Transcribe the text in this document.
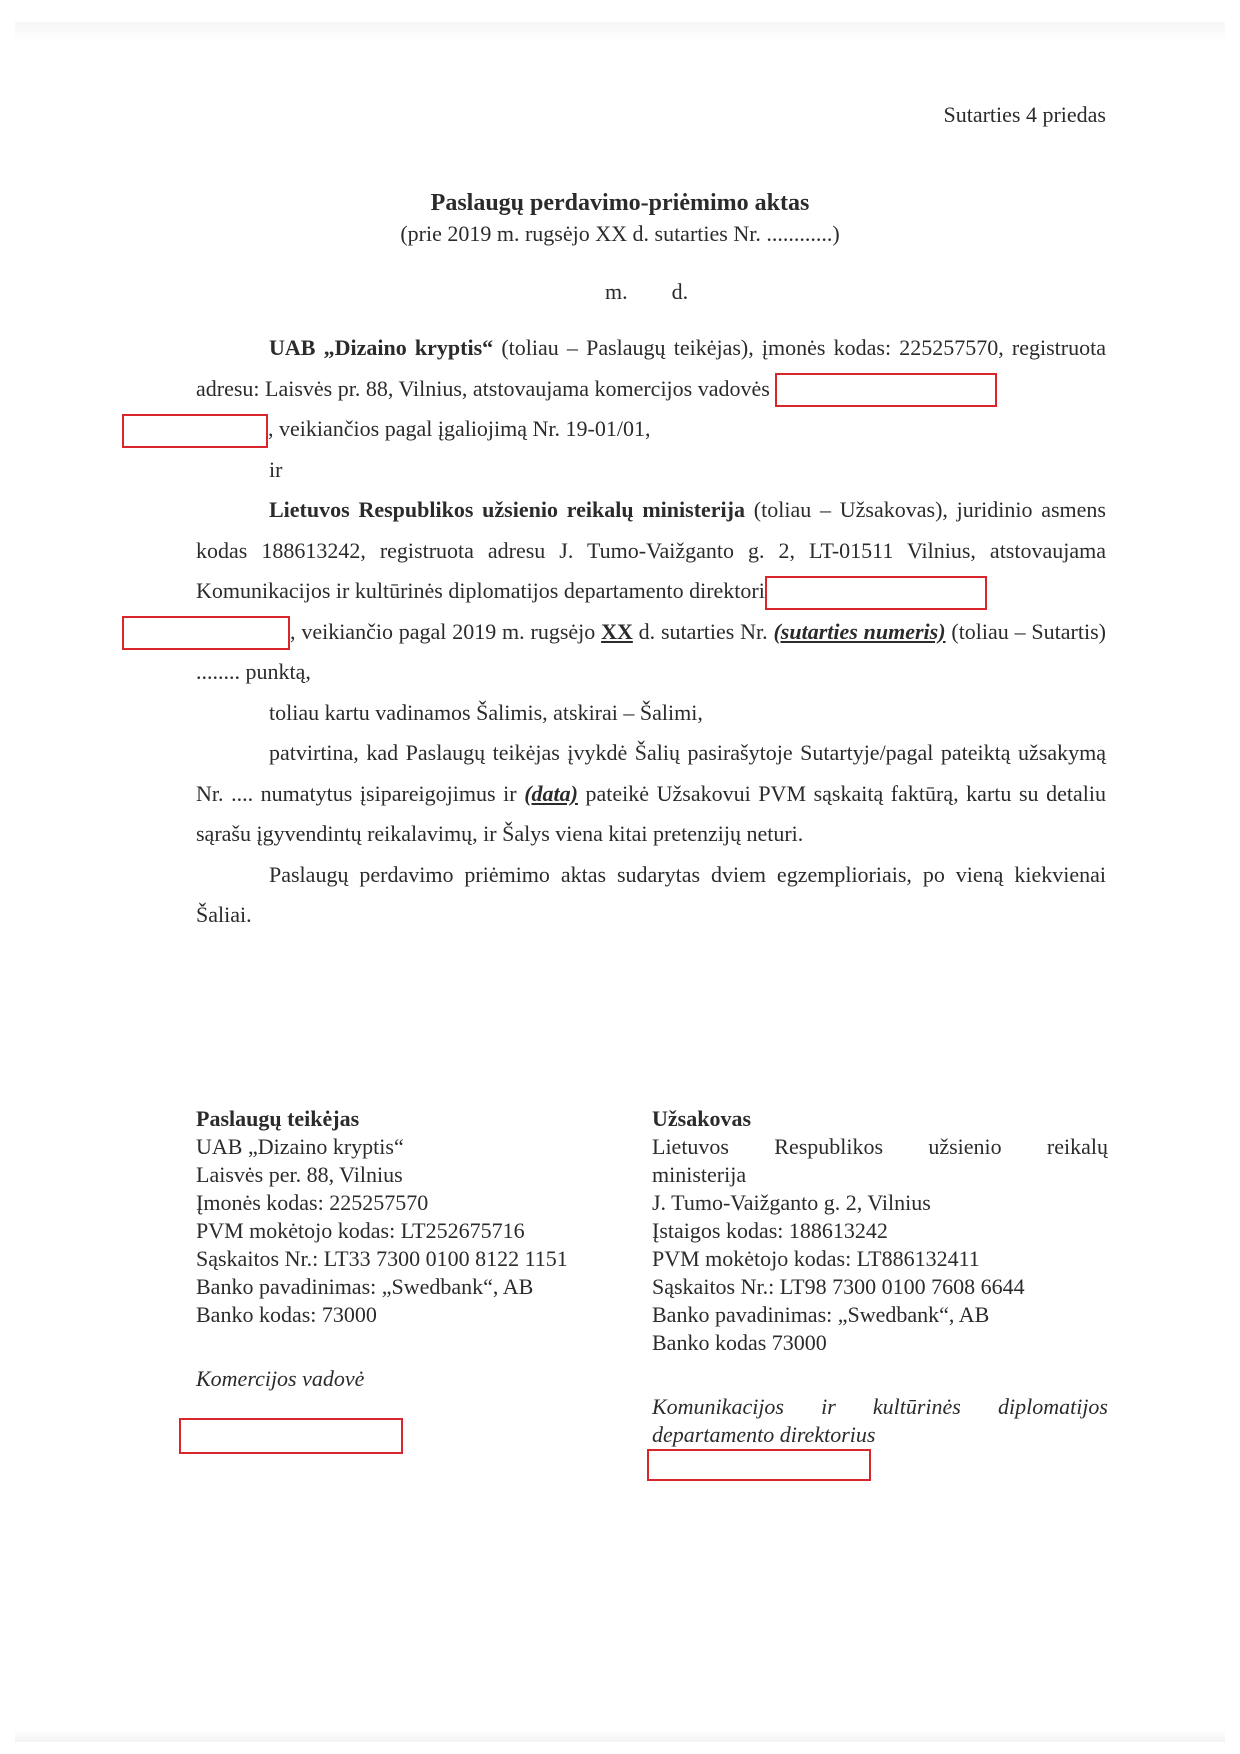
Sutarties 4 priedas
Paslaugų perdavimo-priėmimo aktas
(prie 2019 m. rugsėjo XX d. sutarties Nr. ............)
m. d.

UAB „Dizaino kryptis“ (toliau – Paslaugų teikėjas), įmonės kodas: 225257570, registruota adresu: Laisvės pr. 88, Vilnius, atstovaujama komercijos vadovės
, veikiančios pagal įgaliojimą Nr. 19-01/01,

ir

Lietuvos Respublikos užsienio reikalų ministerija (toliau – Užsakovas), juridinio asmens kodas 188613242, registruota adresu J. Tumo-Vaižganto g. 2, LT-01511 Vilnius, atstovaujama Komunikacijos ir kultūrinės diplomatijos departamento direktori
, veikiančio pagal 2019 m. rugsėjo XX d. sutarties Nr. (sutarties numeris) (toliau – Sutartis) ........ punktą,

toliau kartu vadinamos Šalimis, atskirai – Šalimi,

patvirtina, kad Paslaugų teikėjas įvykdė Šalių pasirašytoje Sutartyje/pagal pateiktą užsakymą Nr. .... numatytus įsipareigojimus ir (data) pateikė Užsakovui PVM sąskaitą faktūrą, kartu su detaliu sąrašu įgyvendintų reikalavimų, ir Šalys viena kitai pretenzijų neturi.

Paslaugų perdavimo priėmimo aktas sudarytas dviem egzemplioriais, po vieną kiekvienai Šaliai.

Paslaugų teikėjas
UAB „Dizaino kryptis“
Laisvės per. 88, Vilnius
Įmonės kodas: 225257570
PVM mokėtojo kodas: LT252675716
Sąskaitos Nr.: LT33 7300 0100 8122 1151
Banko pavadinimas: „Swedbank“, AB
Banko kodas: 73000
Komercijos vadovė
Užsakovas
Lietuvos Respublikos užsienio reikalų
ministerija
J. Tumo-Vaižganto g. 2, Vilnius
Įstaigos kodas: 188613242
PVM mokėtojo kodas: LT886132411
Sąskaitos Nr.: LT98 7300 0100 7608 6644
Banko pavadinimas: „Swedbank“, AB
Banko kodas 73000
Komunikacijos ir kultūrinės diplomatijos
departamento direktorius
